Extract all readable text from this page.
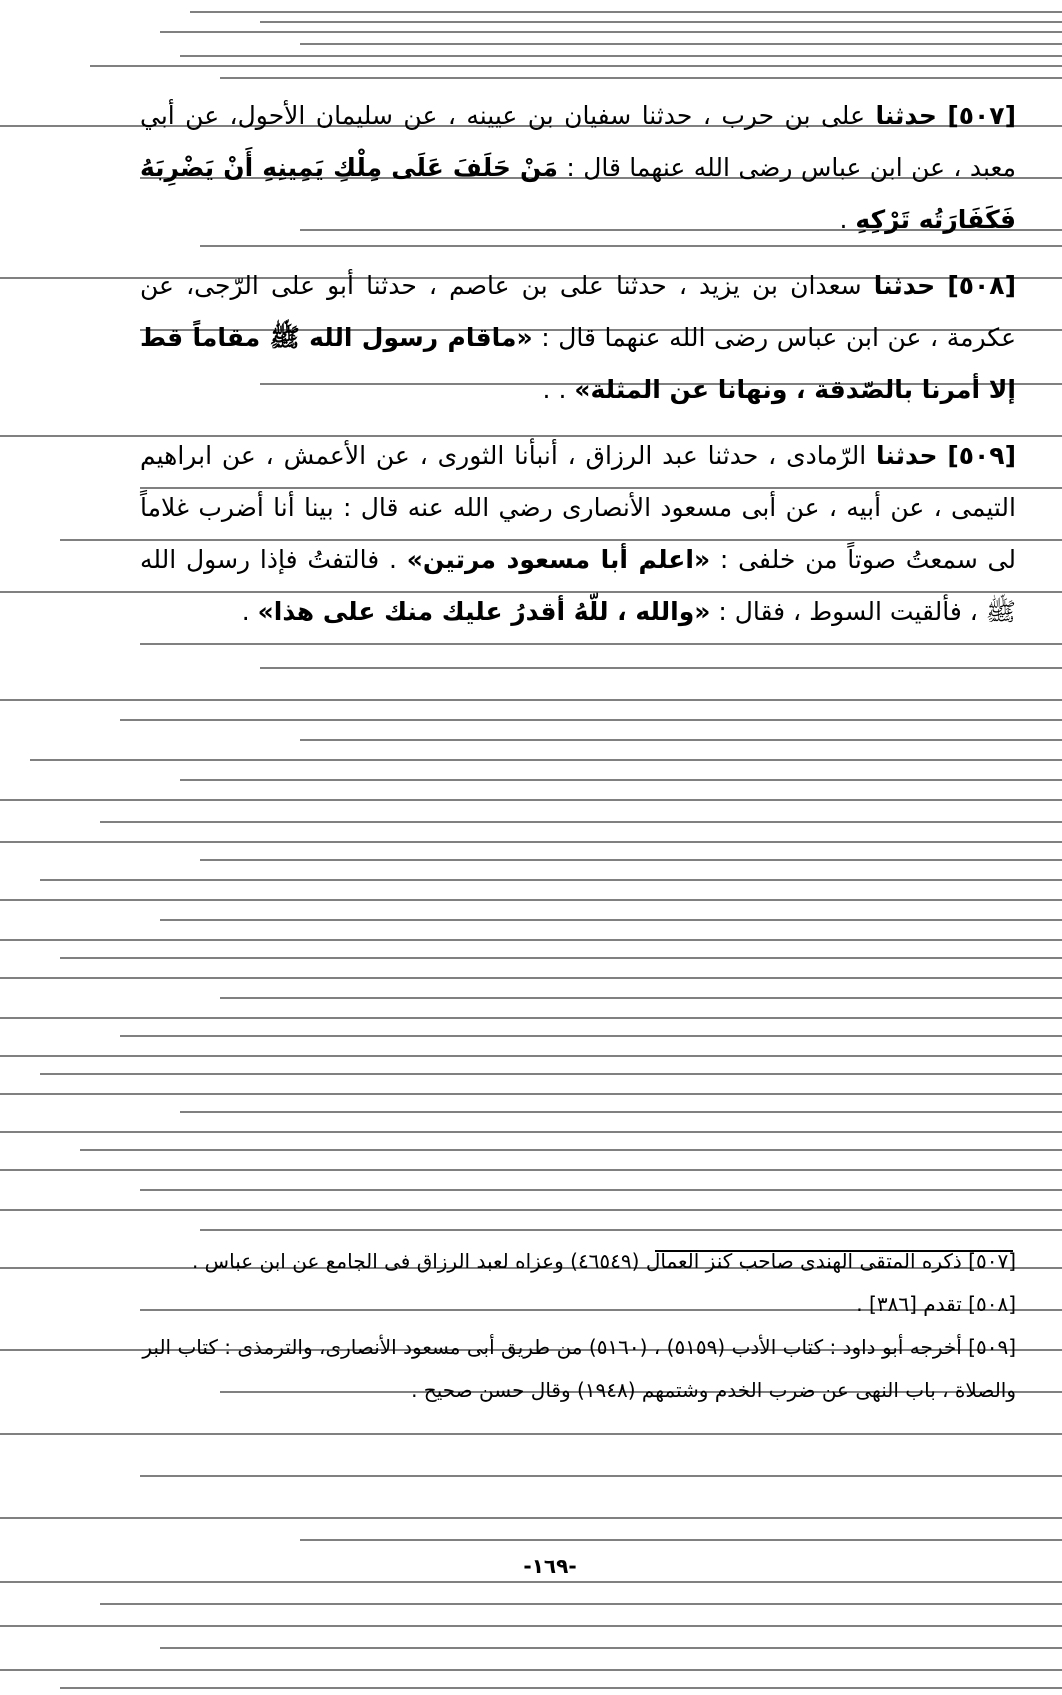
[٥٠٧] حدثنا على بن حرب ، حدثنا سفيان بن عيينه ، عن سليمان الأحول، عن أبي معبد ، عن ابن عباس رضى الله عنهما قال : مَنْ حَلَفَ عَلَى مِلْكِ يَمِينِهِ أَنْ يَضْرِبَهُ فَكَفَارَتُه تَرْكِهِ .

[٥٠٨] حدثنا سعدان بن يزيد ، حدثنا على بن عاصم ، حدثنا أبو على الرّجى، عن عكرمة ، عن ابن عباس رضى الله عنهما قال : «ماقام رسول الله ﷺ مقاماً قط إلا أمرنا بالصّدقة ، ونهانا عن المثلة» . .

[٥٠٩] حدثنا الرّمادى ، حدثنا عبد الرزاق ، أنبأنا الثورى ، عن الأعمش ، عن ابراهيم التيمى ، عن أبيه ، عن أبى مسعود الأنصارى رضي الله عنه قال : بينا أنا أضرب غلاماً لى سمعتُ صوتاً من خلفى : «اعلم أبا مسعود مرتين» . فالتفتُ فإذا رسول الله ﷺ ، فألقيت السوط ، فقال : «والله ، للّهُ أقدرُ عليك منك على هذا» .

[٥٠٧] ذكره المتقى الهندى صاحب كنز العمال (٤٦٥٤٩) وعزاه لعبد الرزاق فى الجامع عن ابن عباس .

[٥٠٨] تقدم [٣٨٦] .

[٥٠٩] أخرجه أبو داود : كتاب الأدب (٥١٥٩) ، (٥١٦٠) من طريق أبى مسعود الأنصارى، والترمذى : كتاب البر والصلاة ، باب النهى عن ضرب الخدم وشتمهم (١٩٤٨) وقال حسن صحيح .

-١٦٩-
